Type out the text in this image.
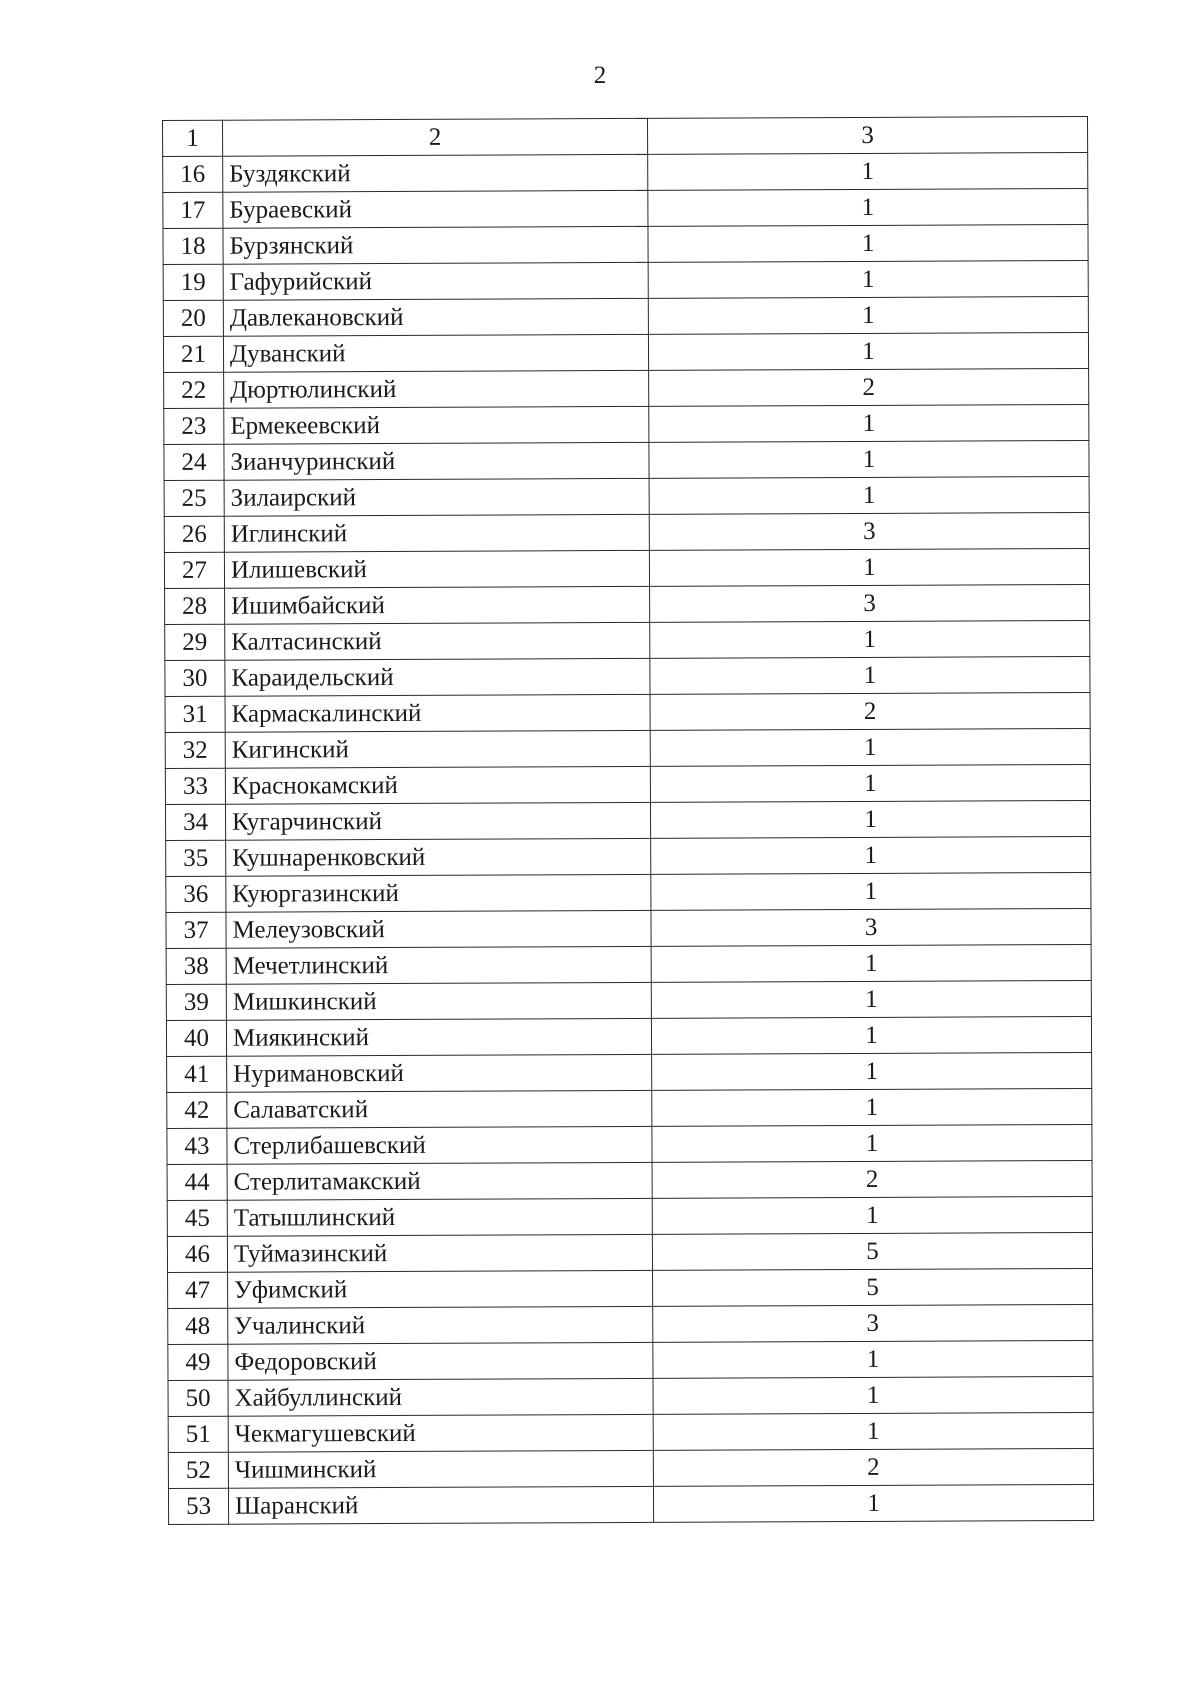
2
1	2	3
16	Буздякский	1
17	Бураевский	1
18	Бурзянский	1
19	Гафурийский	1
20	Давлекановский	1
21	Дуванский	1
22	Дюртюлинский	2
23	Ермекеевский	1
24	Зианчуринский	1
25	Зилаирский	1
26	Иглинский	3
27	Илишевский	1
28	Ишимбайский	3
29	Калтасинский	1
30	Караидельский	1
31	Кармаскалинский	2
32	Кигинский	1
33	Краснокамский	1
34	Кугарчинский	1
35	Кушнаренковский	1
36	Куюргазинский	1
37	Мелеузовский	3
38	Мечетлинский	1
39	Мишкинский	1
40	Миякинский	1
41	Нуримановский	1
42	Салаватский	1
43	Стерлибашевский	1
44	Стерлитамакский	2
45	Татышлинский	1
46	Туймазинский	5
47	Уфимский	5
48	Учалинский	3
49	Федоровский	1
50	Хайбуллинский	1
51	Чекмагушевский	1
52	Чишминский	2
53	Шаранский	1
